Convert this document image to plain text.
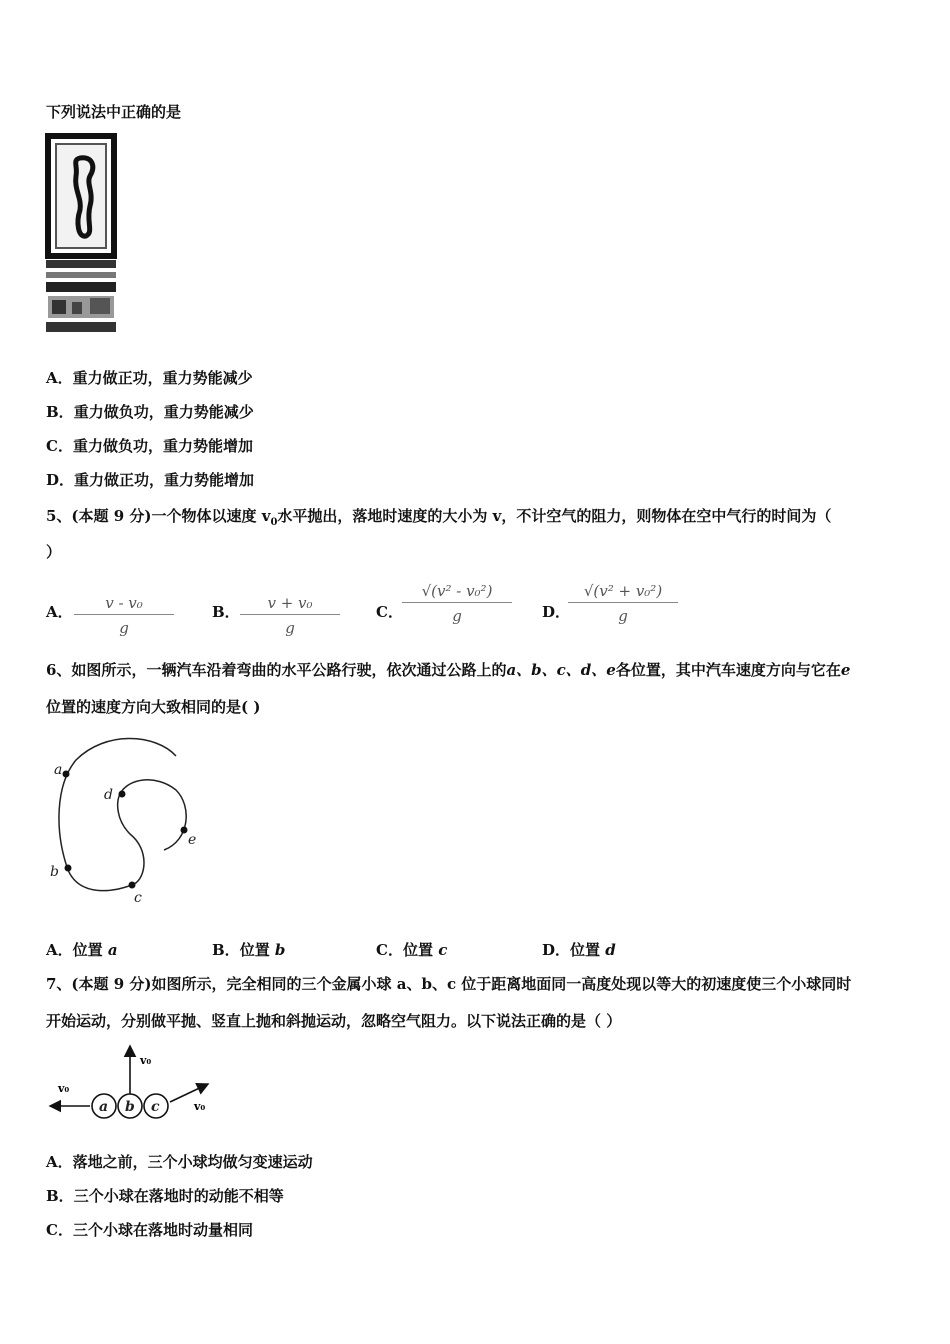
下列说法中正确的是
A．重力做正功，重力势能减少
B．重力做负功，重力势能减少
C．重力做负功，重力势能增加
D．重力做正功，重力势能增加
5、(本题 9 分)一个物体以速度 $v_0$水平抛出，落地时速度的大小为 v，不计空气的阻力，则物体在空中气行的时间为（
）
A． $\frac{\text{v - v₀}}{g}$	B． $\frac{\text{v + v₀}}{g}$ C． $\frac{\text{√(v² - v₀²)}}{g}$ D．
$\frac{\text{√(v² + v₀²)}}{g}$
6、如图所示，一辆汽车沿着弯曲的水平公路行驶，依次通过公路上的a、b、c、d、e各位置，其中汽车速度方向与它在e
位置的速度方向大致相同的是( )
a
b
c
d
e
A．位置 a	B．位置 b	C．位置 c	D．位置 d
7、(本题 9 分)如图所示，完全相同的三个金属小球 a、b、c 位于距离地面同一高度处现以等大的初速度使三个小球同时
开始运动，分别做平抛、竖直上抛和斜抛运动，忽略空气阻力。以下说法正确的是（ ）
a b c
v₀
v₀
v₀
A．落地之前，三个小球均做匀变速运动
B．三个小球在落地时的动能不相等
C．三个小球在落地时动量相同
